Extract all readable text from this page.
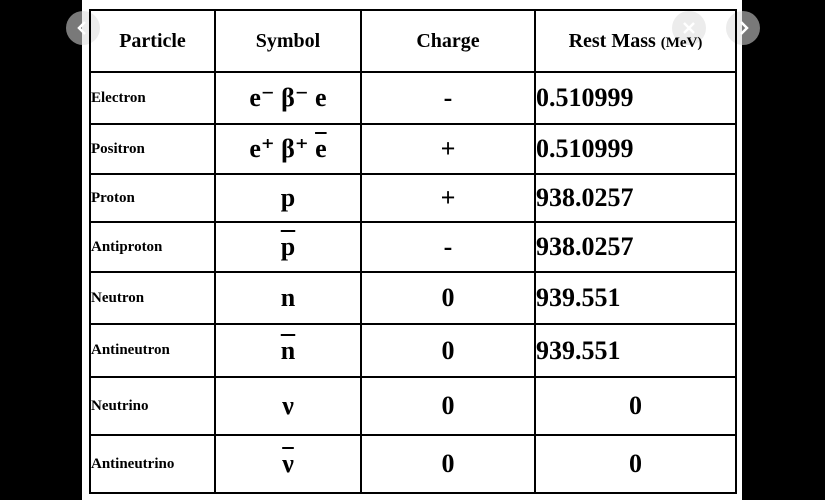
Particle	Symbol	Charge	Rest Mass (MeV)
Electron	e⁻ β⁻ e	-	0.510999
Positron	e⁺ β⁺ $\overline{e}$	+	0.510999
Proton	p	+	938.0257
Antiproton	$\overline{p}$	-	938.0257
Neutron	n	0	939.551
Antineutron	$\overline{n}$	0	939.551
Neutrino	ν	0	0
Antineutrino	$\overline{\nu}$	0	0
